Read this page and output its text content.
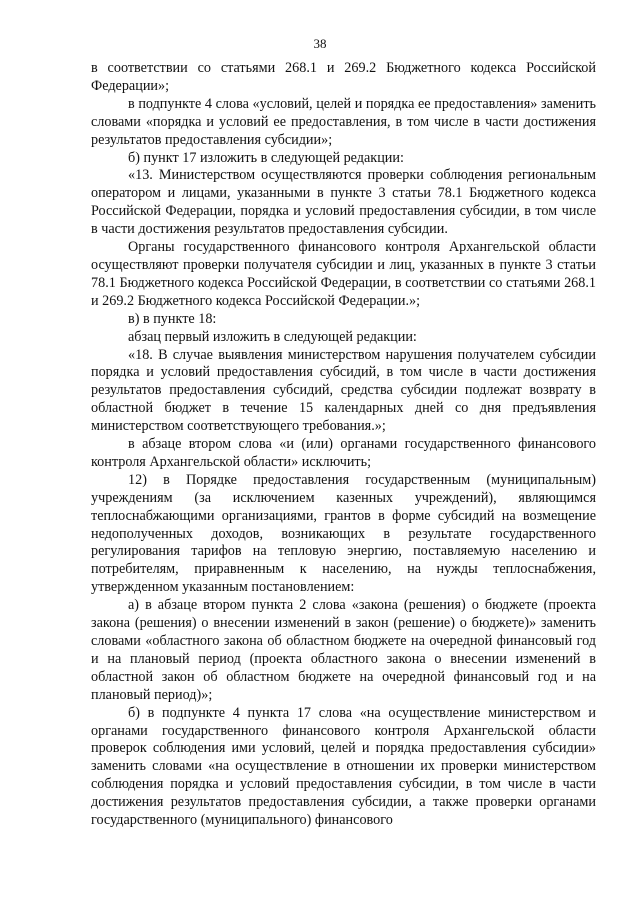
38

в соответствии со статьями 268.1 и 269.2 Бюджетного кодекса Российской Федерации»;

в подпункте 4 слова «условий, целей и порядка ее предоставления» заменить словами «порядка и условий ее предоставления, в том числе в части достижения результатов предоставления субсидии»;

б) пункт 17 изложить в следующей редакции:

«13. Министерством осуществляются проверки соблюдения региональным оператором и лицами, указанными в пункте 3 статьи 78.1 Бюджетного кодекса Российской Федерации, порядка и условий предоставления субсидии, в том числе в части достижения результатов предоставления субсидии.

Органы государственного финансового контроля Архангельской области осуществляют проверки получателя субсидии и лиц, указанных в пункте 3 статьи 78.1 Бюджетного кодекса Российской Федерации, в соответствии со статьями 268.1 и 269.2 Бюджетного кодекса Российской Федерации.»;

в) в пункте 18:

абзац первый изложить в следующей редакции:

«18. В случае выявления министерством нарушения получателем субсидии порядка и условий предоставления субсидий, в том числе в части достижения результатов предоставления субсидий, средства субсидии подлежат возврату в областной бюджет в течение 15 календарных дней со дня предъявления министерством соответствующего требования.»;

в абзаце втором слова «и (или) органами государственного финансового контроля Архангельской области» исключить;

12) в Порядке предоставления государственным (муниципальным) учреждениям (за исключением казенных учреждений), являющимся теплоснабжающими организациями, грантов в форме субсидий на возмещение недополученных доходов, возникающих в результате государственного регулирования тарифов на тепловую энергию, поставляемую населению и потребителям, приравненным к населению, на нужды теплоснабжения, утвержденном указанным постановлением:

а) в абзаце втором пункта 2 слова «закона (решения) о бюджете (проекта закона (решения) о внесении изменений в закон (решение) о бюджете)» заменить словами «областного закона об областном бюджете на очередной финансовый год и на плановый период (проекта областного закона о внесении изменений в областной закон об областном бюджете на очередной финансовый год и на плановый период)»;

б) в подпункте 4 пункта 17 слова «на осуществление министерством и органами государственного финансового контроля Архангельской области проверок соблюдения ими условий, целей и порядка предоставления субсидии» заменить словами «на осуществление в отношении их проверки министерством соблюдения порядка и условий предоставления субсидии, в том числе в части достижения результатов предоставления субсидии, а также проверки органами государственного (муниципального) финансового
